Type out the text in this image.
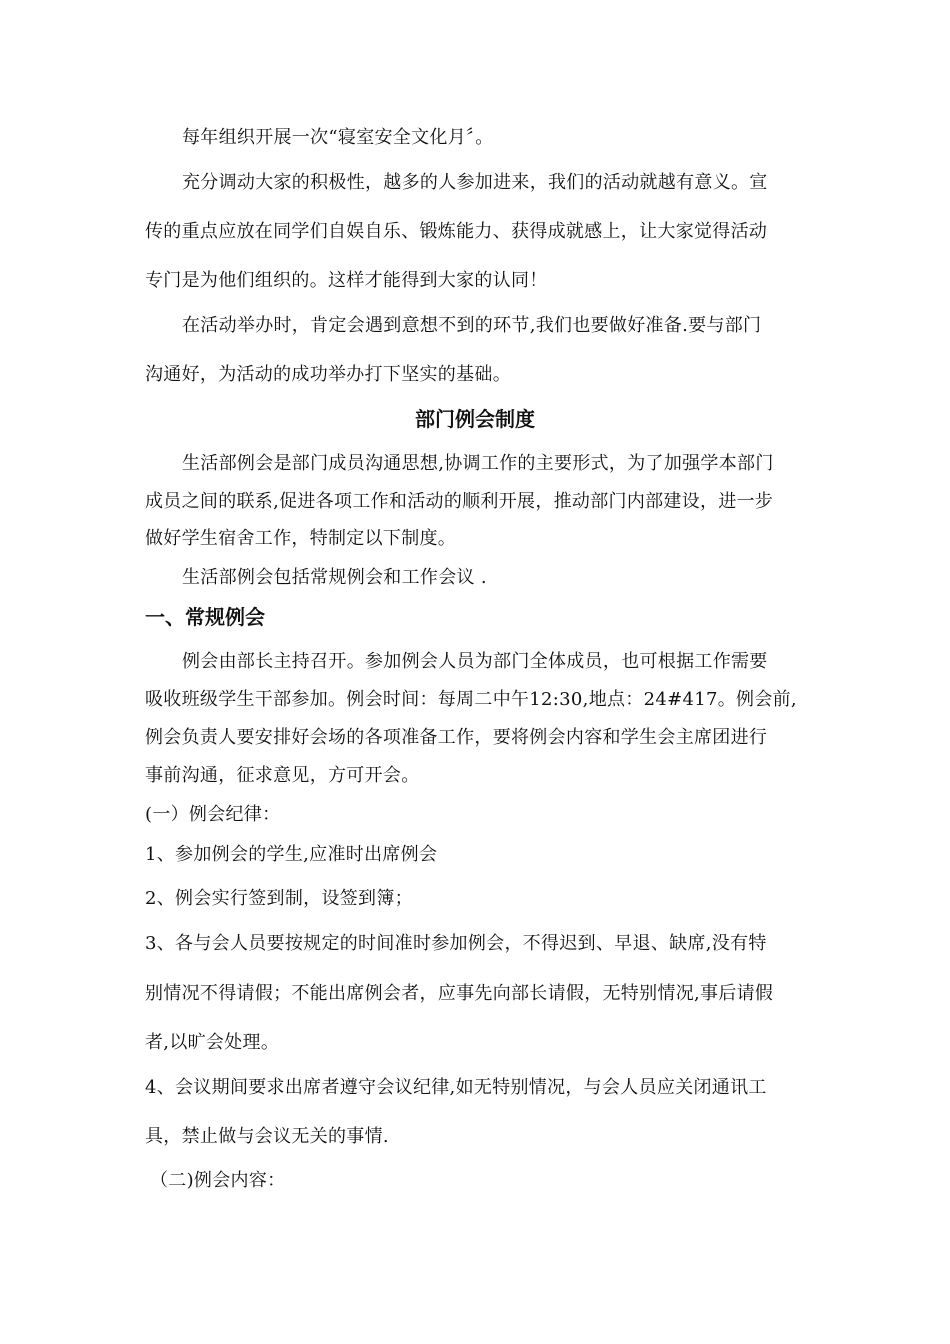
每年组织开展一次“寝室安全文化月〞。
充分调动大家的积极性，越多的人参加进来，我们的活动就越有意义。宣
传的重点应放在同学们自娱自乐、锻炼能力、获得成就感上，让大家觉得活动
专门是为他们组织的。这样才能得到大家的认同！
在活动举办时，肯定会遇到意想不到的环节,我们也要做好准备.要与部门
沟通好，为活动的成功举办打下坚实的基础。
部门例会制度
生活部例会是部门成员沟通思想,协调工作的主要形式，为了加强学本部门
成员之间的联系,促进各项工作和活动的顺利开展，推动部门内部建设，进一步
做好学生宿舍工作，特制定以下制度。
生活部例会包括常规例会和工作会议 .
一、常规例会
例会由部长主持召开。参加例会人员为部门全体成员，也可根据工作需要
吸收班级学生干部参加。例会时间：每周二中午12:30,地点：24#417。例会前,
例会负责人要安排好会场的各项准备工作，要将例会内容和学生会主席团进行
事前沟通，征求意见，方可开会。
(一）例会纪律：
1、参加例会的学生,应准时出席例会
2、例会实行签到制，设签到簿；
3、各与会人员要按规定的时间准时参加例会，不得迟到、早退、缺席,没有特
别情况不得请假；不能出席例会者，应事先向部长请假，无特别情况,事后请假
者,以旷会处理。
4、会议期间要求出席者遵守会议纪律,如无特别情况，与会人员应关闭通讯工
具，禁止做与会议无关的事情.
（二)例会内容：
